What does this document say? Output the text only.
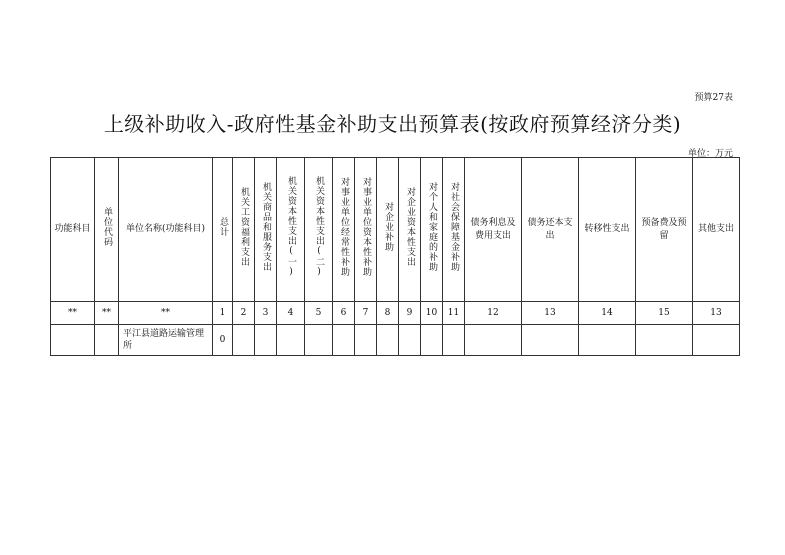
预算27表
上级补助收入-政府性基金补助支出预算表(按政府预算经济分类)
单位：万元
功能科目	单位代码	单位名称(功能科目)	总计	机关工资福利支出	机关商品和服务支出	机关资本性支出(一)	机关资本性支出(二)	对事业单位经常性补助	对事业单位资本性补助	对企业补助	对企业资本性支出	对个人和家庭的补助	对社会保障基金补助	债务利息及费用支出	债务还本支出	转移性支出	预备费及预留	其他支出
**	**	**	1	2	3	4	5	6	7	8	9	10	11	12	13	14	15	13
		平江县道路运输管理所	0															
